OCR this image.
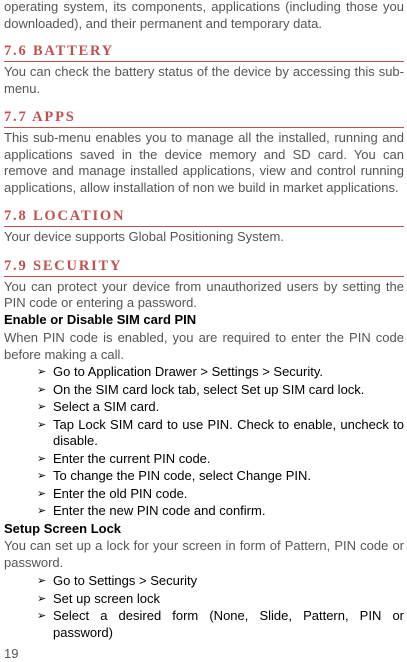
operating system, its components, applications (including those you downloaded), and their permanent and temporary data.

7.6 BATTERY

You can check the battery status of the device by accessing this sub-menu.

7.7 APPS

This sub-menu enables you to manage all the installed, running and applications saved in the device memory and SD card. You can remove and manage installed applications, view and control running applications, allow installation of non we build in market applications.

7.8 LOCATION

Your device supports Global Positioning System.

7.9 SECURITY

You can protect your device from unauthorized users by setting the PIN code or entering a password.

Enable or Disable SIM card PIN

When PIN code is enabled, you are required to enter the PIN code before making a call.

➢ Go to Application Drawer > Settings > Security.
➢ On the SIM card lock tab, select Set up SIM card lock.
➢ Select a SIM card.
➢ Tap Lock SIM card to use PIN. Check to enable, uncheck to disable.
➢ Enter the current PIN code.
➢ To change the PIN code, select Change PIN.
➢ Enter the old PIN code.
➢ Enter the new PIN code and confirm.

Setup Screen Lock

You can set up a lock for your screen in form of Pattern, PIN code or password.

➢ Go to Settings > Security
➢ Set up screen lock
➢ Select a desired form (None, Slide, Pattern, PIN or password)
19
